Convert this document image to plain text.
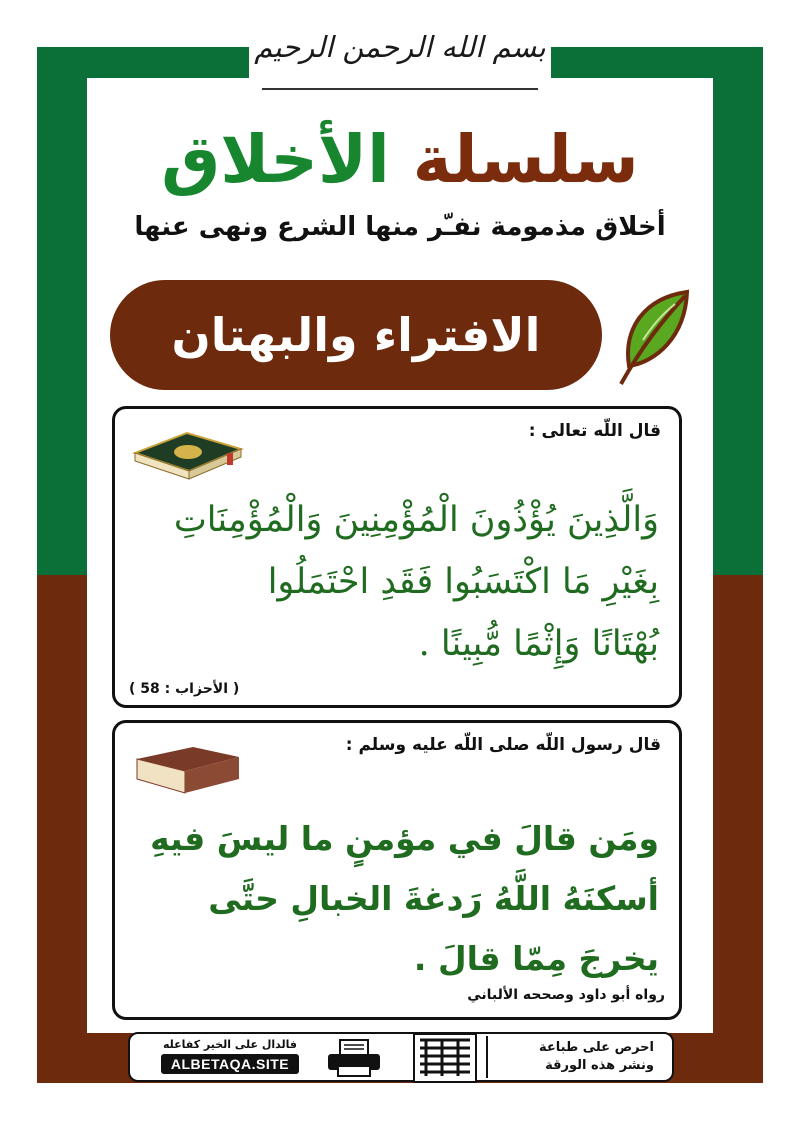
بسم الله الرحمن الرحيم
سلسلة الأخلاق
أخلاق مذمومة نفـّر منها الشرع ونهى عنها
الافتراء والبهتان
قال اللّه تعالى :
وَالَّذِينَ يُؤْذُونَ الْمُؤْمِنِينَ وَالْمُؤْمِنَاتِ
بِغَيْرِ مَا اكْتَسَبُوا فَقَدِ احْتَمَلُوا
بُهْتَانًا وَإِثْمًا مُّبِينًا .
( الأحزاب : 58 )
قال رسول اللّه صلى اللّه عليه وسلم :
ومَن قالَ في مؤمنٍ ما ليسَ فيهِ
أسكنَهُ اللَّهُ رَدغةَ الخبالِ حتَّى
يخرجَ مِمّا قالَ .
رواه أبو داود وصححه الألباني
احرص على طباعة
ونشر هذه الورقة
فالدال على الخير كفاعله
ALBETAQA.SITE
